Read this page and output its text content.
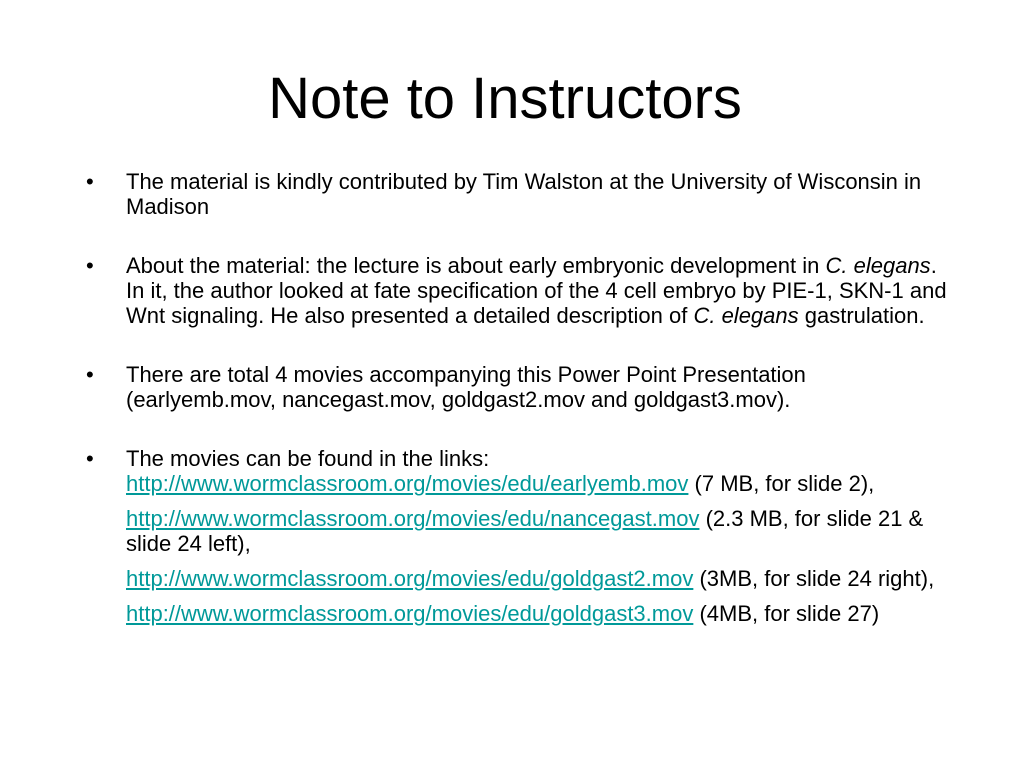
Note to Instructors

• The material is kindly contributed by Tim Walston at the University of Wisconsin in Madison

• About the material: the lecture is about early embryonic development in C. elegans. In it, the author looked at fate specification of the 4 cell embryo by PIE-1, SKN-1 and Wnt signaling. He also presented a detailed description of C. elegans gastrulation.

• There are total 4 movies accompanying this Power Point Presentation (earlyemb.mov, nancegast.mov, goldgast2.mov and goldgast3.mov).

• The movies can be found in the links:
http://www.wormclassroom.org/movies/edu/earlyemb.mov (7 MB, for slide 2),
http://www.wormclassroom.org/movies/edu/nancegast.mov (2.3 MB, for slide 21 & slide 24 left),
http://www.wormclassroom.org/movies/edu/goldgast2.mov (3MB, for slide 24 right),
http://www.wormclassroom.org/movies/edu/goldgast3.mov (4MB, for slide 27)
